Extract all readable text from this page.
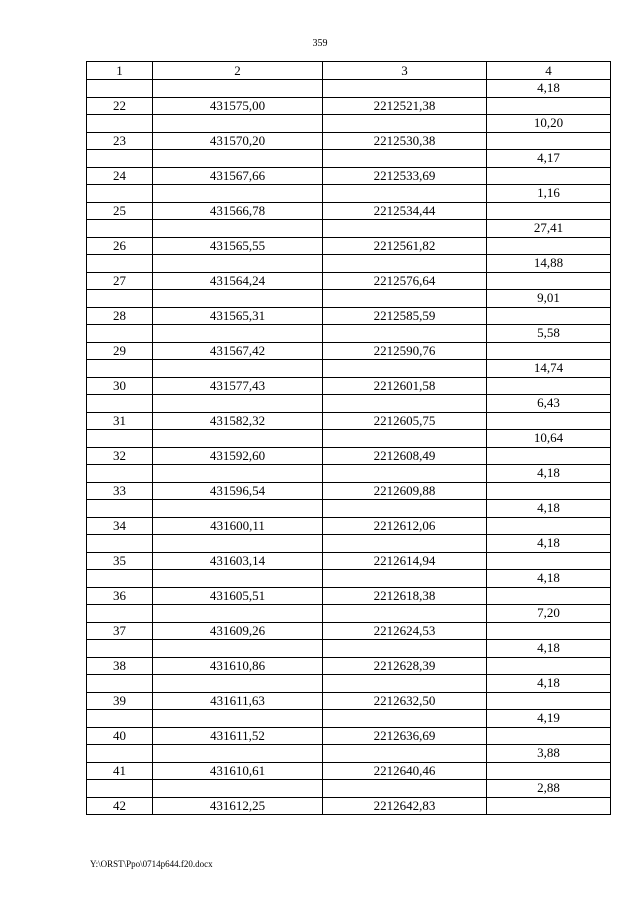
359
1	2	3	4
			4,18
22	431575,00	2212521,38	
			10,20
23	431570,20	2212530,38	
			4,17
24	431567,66	2212533,69	
			1,16
25	431566,78	2212534,44	
			27,41
26	431565,55	2212561,82	
			14,88
27	431564,24	2212576,64	
			9,01
28	431565,31	2212585,59	
			5,58
29	431567,42	2212590,76	
			14,74
30	431577,43	2212601,58	
			6,43
31	431582,32	2212605,75	
			10,64
32	431592,60	2212608,49	
			4,18
33	431596,54	2212609,88	
			4,18
34	431600,11	2212612,06	
			4,18
35	431603,14	2212614,94	
			4,18
36	431605,51	2212618,38	
			7,20
37	431609,26	2212624,53	
			4,18
38	431610,86	2212628,39	
			4,18
39	431611,63	2212632,50	
			4,19
40	431611,52	2212636,69	
			3,88
41	431610,61	2212640,46	
			2,88
42	431612,25	2212642,83	
Y:\ORST\Ppo\0714p644.f20.docx
